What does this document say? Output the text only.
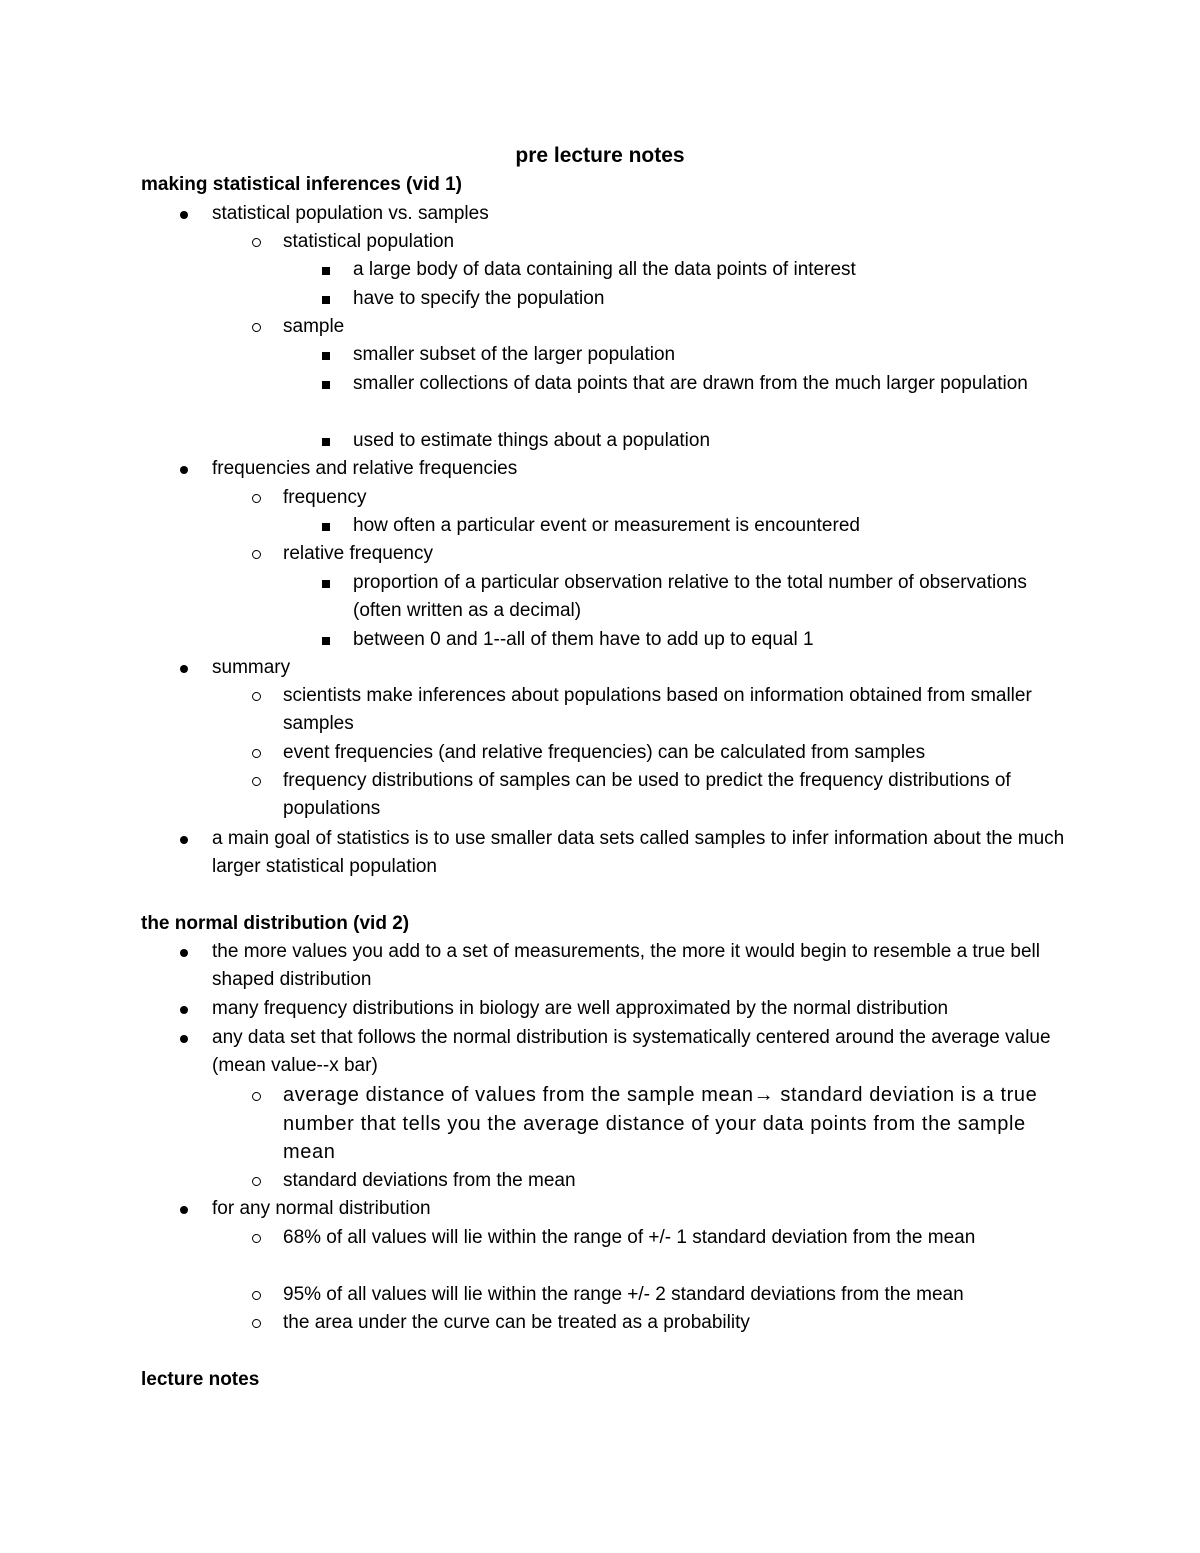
pre lecture notes
making statistical inferences (vid 1)
statistical population vs. samples
statistical population
a large body of data containing all the data points of interest
have to specify the population
sample
smaller subset of the larger population
smaller collections of data points that are drawn from the much larger population
used to estimate things about a population
frequencies and relative frequencies
frequency
how often a particular event or measurement is encountered
relative frequency
proportion of a particular observation relative to the total number of observations (often written as a decimal)
between 0 and 1--all of them have to add up to equal 1
summary
scientists make inferences about populations based on information obtained from smaller samples
event frequencies (and relative frequencies) can be calculated from samples
frequency distributions of samples can be used to predict the frequency distributions of populations
a main goal of statistics is to use smaller data sets called samples to infer information about the much larger statistical population
the normal distribution (vid 2)
the more values you add to a set of measurements, the more it would begin to resemble a true bell shaped distribution
many frequency distributions in biology are well approximated by the normal distribution
any data set that follows the normal distribution is systematically centered around the average value (mean value--x bar)
average distance of values from the sample mean→ standard deviation is a true number that tells you the average distance of your data points from the sample mean
standard deviations from the mean
for any normal distribution
68% of all values will lie within the range of +/- 1 standard deviation from the mean
95% of all values will lie within the range +/- 2 standard deviations from the mean
the area under the curve can be treated as a probability
lecture notes
